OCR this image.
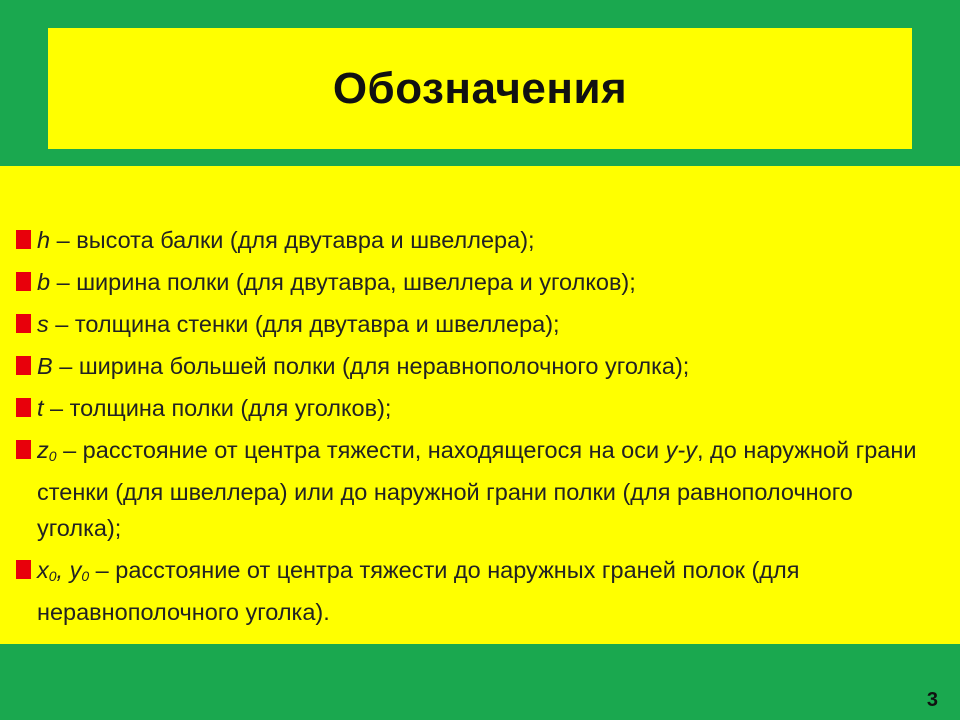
Обозначения
h – высота балки (для двутавра и швеллера);
b – ширина полки (для двутавра, швеллера и уголков);
s – толщина стенки (для двутавра и швеллера);
B – ширина большей полки (для неравнополочного уголка);
t – толщина полки (для уголков);
$z_0$ – расстояние от центра тяжести, находящегося на оси y-y, до наружной грани стенки (для швеллера) или до наружной грани полки (для равнополочного уголка);
$x_0$, $y_0$ – расстояние от центра тяжести до наружных граней полок (для неравнополочного уголка).
3
